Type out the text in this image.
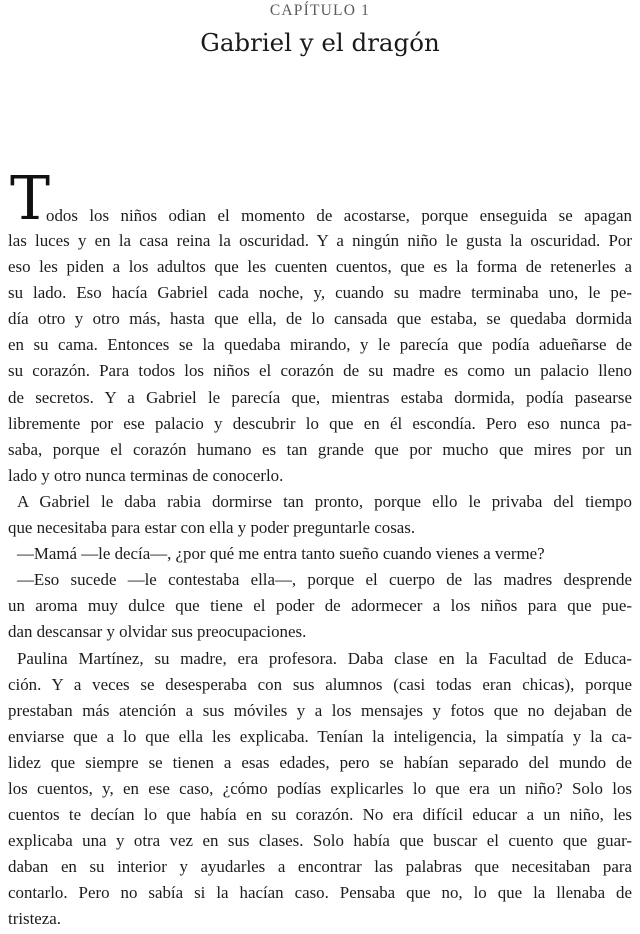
CAPÍTULO 1
Gabriel y el dragón
T
odos los niños odian el momento de acostarse, porque enseguida se apagan
las luces y en la casa reina la oscuridad. Y a ningún niño le gusta la oscuridad. Por
eso les piden a los adultos que les cuenten cuentos, que es la forma de retenerles a
su lado. Eso hacía Gabriel cada noche, y, cuando su madre terminaba uno, le pe-
día otro y otro más, hasta que ella, de lo cansada que estaba, se quedaba dormida
en su cama. Entonces se la quedaba mirando, y le parecía que podía adueñarse de
su corazón. Para todos los niños el corazón de su madre es como un palacio lleno
de secretos. Y a Gabriel le parecía que, mientras estaba dormida, podía pasearse
libremente por ese palacio y descubrir lo que en él escondía. Pero eso nunca pa-
saba, porque el corazón humano es tan grande que por mucho que mires por un
lado y otro nunca terminas de conocerlo.
A Gabriel le daba rabia dormirse tan pronto, porque ello le privaba del tiempo
que necesitaba para estar con ella y poder preguntarle cosas.
—Mamá —le decía—, ¿por qué me entra tanto sueño cuando vienes a verme?
—Eso sucede —le contestaba ella—, porque el cuerpo de las madres desprende
un aroma muy dulce que tiene el poder de adormecer a los niños para que pue-
dan descansar y olvidar sus preocupaciones.
Paulina Martínez, su madre, era profesora. Daba clase en la Facultad de Educa-
ción. Y a veces se desesperaba con sus alumnos (casi todas eran chicas), porque
prestaban más atención a sus móviles y a los mensajes y fotos que no dejaban de
enviarse que a lo que ella les explicaba. Tenían la inteligencia, la simpatía y la ca-
lidez que siempre se tienen a esas edades, pero se habían separado del mundo de
los cuentos, y, en ese caso, ¿cómo podías explicarles lo que era un niño? Solo los
cuentos te decían lo que había en su corazón. No era difícil educar a un niño, les
explicaba una y otra vez en sus clases. Solo había que buscar el cuento que guar-
daban en su interior y ayudarles a encontrar las palabras que necesitaban para
contarlo. Pero no sabía si la hacían caso. Pensaba que no, lo que la llenaba de
tristeza.
